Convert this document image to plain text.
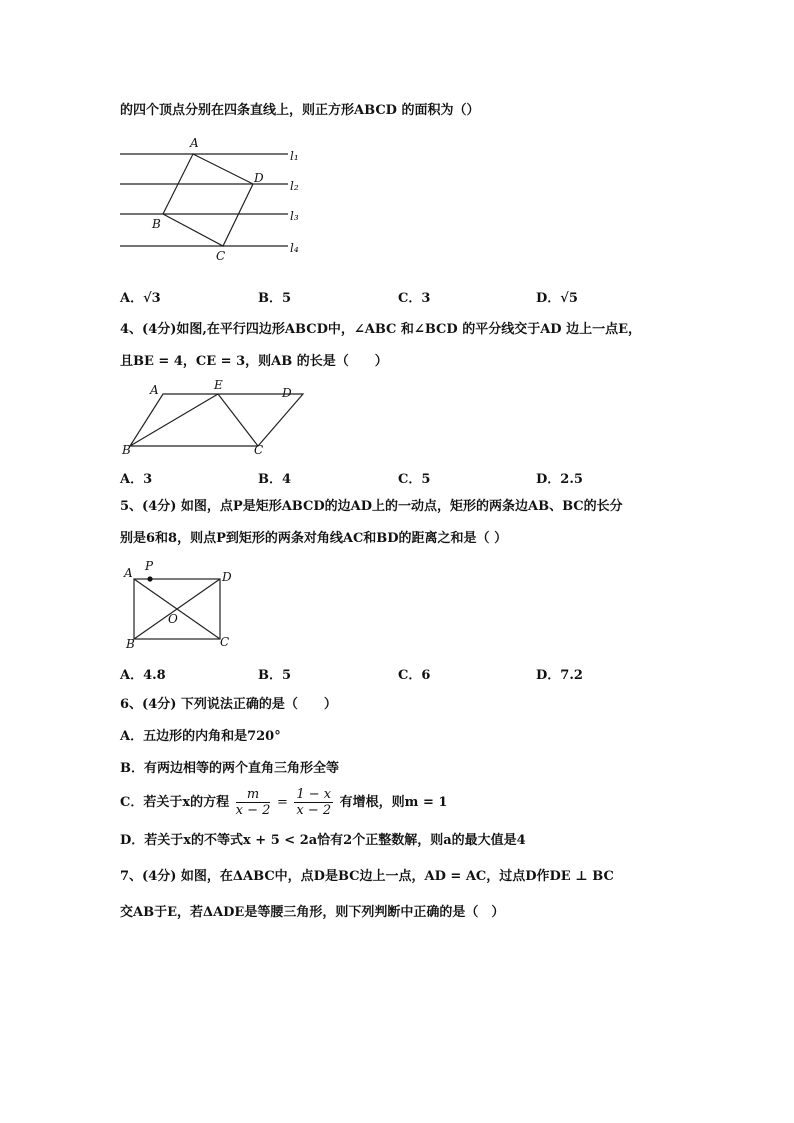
的四个顶点分别在四条直线上，则正方形ABCD 的面积为（）
A
D
B
C
l₁
l₂
l₃
l₄
A．√3	B．5	C．3	D．√5
4、(4分)如图,在平行四边形ABCD中，∠ABC 和∠BCD 的平分线交于AD 边上一点E，
且BE = 4，CE = 3，则AB 的长是（　　）
A	E
D
B	C
A．3	B．4	C．5	D．2.5
5、(4分) 如图，点P是矩形ABCD的边AD上的一动点，矩形的两条边AB、BC的长分
别是6和8，则点P到矩形的两条对角线AC和BD的距离之和是（ ）
A P
D
O
B	C
A．4.8	B．5	C．6	D．7.2
6、(4分) 下列说法正确的是（　　）
A．五边形的内角和是720°
B．有两边相等的两个直角三角形全等
C．若关于x的方程 $\frac{m}{x - 2} = \frac{1 - x}{x - 2}$ 有增根，则m = 1
D．若关于x的不等式x + 5 < 2a恰有2个正整数解，则a的最大值是4
7、(4分) 如图，在ΔABC中，点D是BC边上一点，AD = AC，过点D作DE ⊥ BC
交AB于E，若ΔADE是等腰三角形，则下列判断中正确的是（　）
